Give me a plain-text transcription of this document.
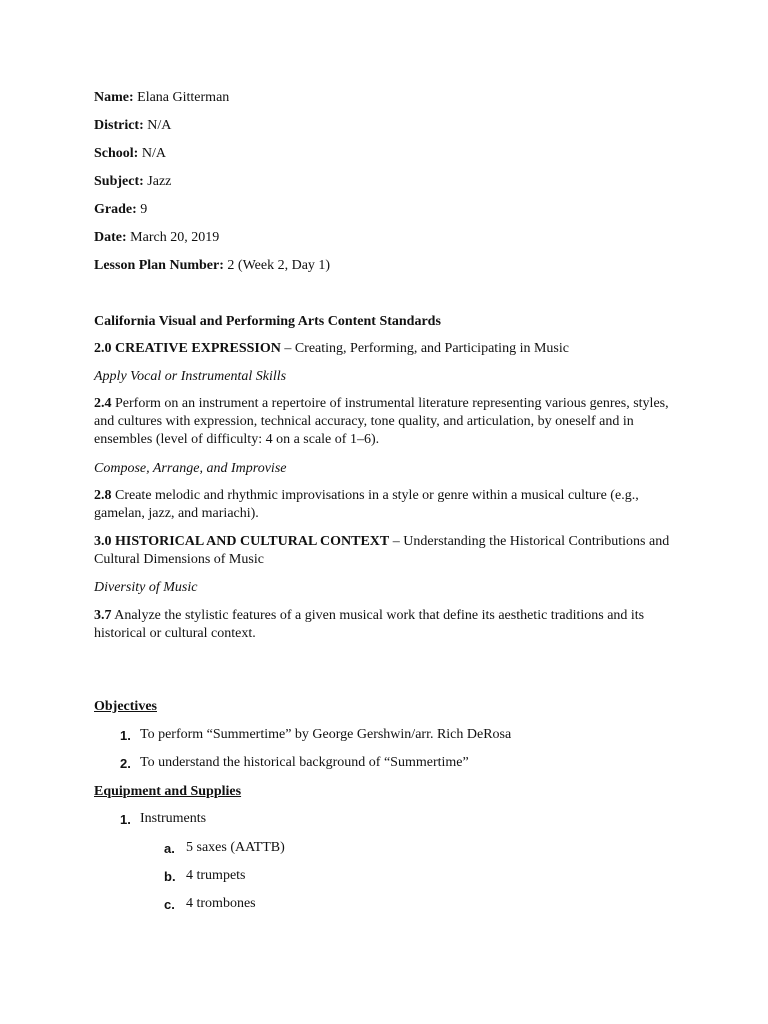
Name: Elana Gitterman
District: N/A
School: N/A
Subject: Jazz
Grade: 9
Date: March 20, 2019
Lesson Plan Number: 2 (Week 2, Day 1)
California Visual and Performing Arts Content Standards
2.0 CREATIVE EXPRESSION – Creating, Performing, and Participating in Music
Apply Vocal or Instrumental Skills
2.4 Perform on an instrument a repertoire of instrumental literature representing various genres, styles, and cultures with expression, technical accuracy, tone quality, and articulation, by oneself and in ensembles (level of difficulty: 4 on a scale of 1–6).
Compose, Arrange, and Improvise
2.8 Create melodic and rhythmic improvisations in a style or genre within a musical culture (e.g., gamelan, jazz, and mariachi).
3.0 HISTORICAL AND CULTURAL CONTEXT – Understanding the Historical Contributions and Cultural Dimensions of Music
Diversity of Music
3.7 Analyze the stylistic features of a given musical work that define its aesthetic traditions and its historical or cultural context.
Objectives
1. To perform “Summertime” by George Gershwin/arr. Rich DeRosa
2. To understand the historical background of “Summertime”
Equipment and Supplies
1. Instruments
a. 5 saxes (AATTB)
b. 4 trumpets
c. 4 trombones
